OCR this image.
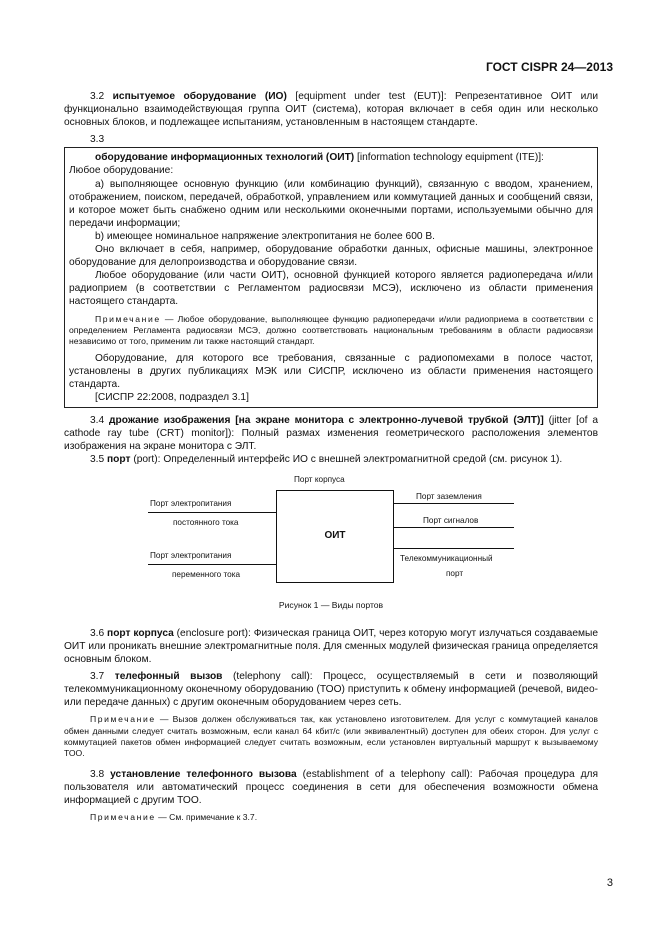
ГОСТ CISPR 24—2013

3.2 испытуемое оборудование (ИО) [equipment under test (EUT)]: Репрезентативное ОИТ или функционально взаимодействующая группа ОИТ (система), которая включает в себя один или несколько основных блоков, и подлежащее испытаниям, установленным в настоящем стандарте.

3.3

оборудование информационных технологий (ОИТ) [information technology equipment (ITE)]:

Любое оборудование:

а) выполняющее основную функцию (или комбинацию функций), связанную с вводом, хранением, отображением, поиском, передачей, обработкой, управлением или коммутацией данных и сообщений связи, и которое может быть снабжено одним или несколькими оконечными портами, используемыми обычно для передачи информации;

b) имеющее номинальное напряжение электропитания не более 600 В.

Оно включает в себя, например, оборудование обработки данных, офисные машины, электронное оборудование для делопроизводства и оборудование связи.

Любое оборудование (или части ОИТ), основной функцией которого является радиопередача и/или радиоприем (в соответствии с Регламентом радиосвязи МСЭ), исключено из области применения настоящего стандарта.

Примечание — Любое оборудование, выполняющее функцию радиопередачи и/или радиоприема в соответствии с определением Регламента радиосвязи МСЭ, должно соответствовать национальным требованиям в области радиосвязи независимо от того, применим ли также настоящий стандарт.

Оборудование, для которого все требования, связанные с радиопомехами в полосе частот, установлены в других публикациях МЭК или СИСПР, исключено из области применения настоящего стандарта.

[СИСПР 22:2008, подраздел 3.1]

3.4 дрожание изображения [на экране монитора с электронно-лучевой трубкой (ЭЛТ)] (jitter [of a cathode ray tube (CRT) monitor]): Полный размах изменения геометрического расположения элементов изображения на экране монитора с ЭЛТ.

3.5 порт (port): Определенный интерфейс ИО с внешней электромагнитной средой (см. рисунок 1).

Порт корпуса
ОИТ
Порт электропитания
постоянного тока
Порт электропитания
переменного тока
Порт заземления
Порт сигналов
Телекоммуникационный
порт

Рисунок 1 — Виды портов

3.6 порт корпуса (enclosure port): Физическая граница ОИТ, через которую могут излучаться создаваемые ОИТ или проникать внешние электромагнитные поля. Для сменных модулей физическая граница определяется основным блоком.

3.7 телефонный вызов (telephony call): Процесс, осуществляемый в сети и позволяющий телекоммуникационному оконечному оборудованию (ТОО) приступить к обмену информацией (речевой, видео- или передаче данных) с другим оконечным оборудованием через сеть.

Примечание — Вызов должен обслуживаться так, как установлено изготовителем. Для услуг с коммутацией каналов обмен данными следует считать возможным, если канал 64 кбит/с (или эквивалентный) доступен для обеих сторон. Для услуг с коммутацией пакетов обмен информацией следует считать возможным, если установлен виртуальный маршрут к вызываемому ТОО.

3.8 установление телефонного вызова (establishment of a telephony call): Рабочая процедура для пользователя или автоматический процесс соединения в сети для обеспечения возможности обмена информацией с другим ТОО.

Примечание — См. примечание к 3.7.

3
